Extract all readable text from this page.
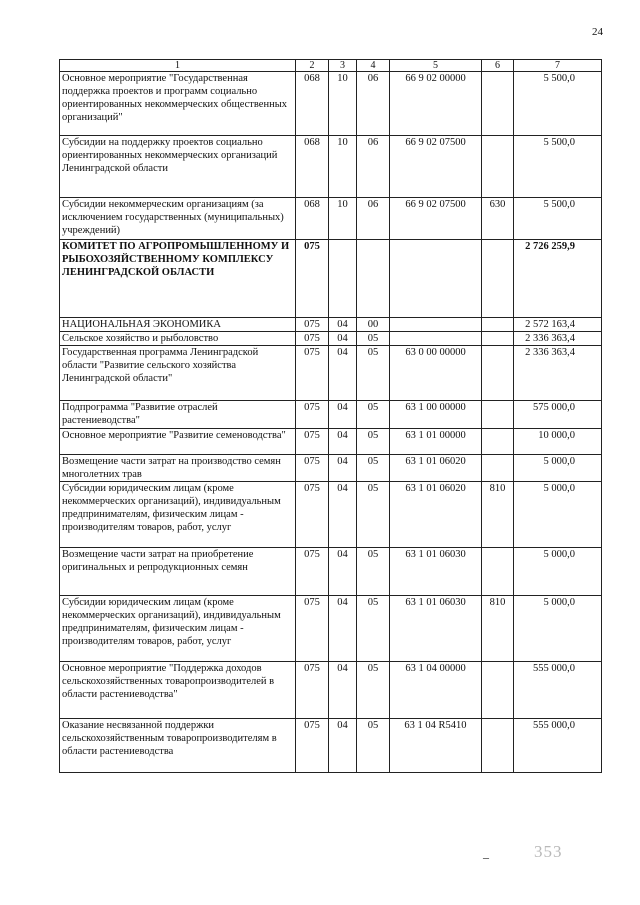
24
1	2	3	4	5	6	7
Основное мероприятие "Государственная поддержка проектов и программ социально ориентированных некоммерческих общественных организаций"	068	10	06	66 9 02 00000		5 500,0
Субсидии на поддержку проектов социально ориентированных некоммерческих организаций Ленинградской области	068	10	06	66 9 02 07500		5 500,0
Субсидии некоммерческим организациям (за исключением государственных (муниципальных) учреждений)	068	10	06	66 9 02 07500	630	5 500,0
КОМИТЕТ ПО АГРОПРОМЫШЛЕННОМУ И РЫБОХОЗЯЙСТВЕННОМУ КОМПЛЕКСУ ЛЕНИНГРАДСКОЙ ОБЛАСТИ	075					2 726 259,9
НАЦИОНАЛЬНАЯ ЭКОНОМИКА	075	04	00			2 572 163,4
Сельское хозяйство и рыболовство	075	04	05			2 336 363,4
Государственная программа Ленинградской области "Развитие сельского хозяйства Ленинградской области"	075	04	05	63 0 00 00000		2 336 363,4
Подпрограмма "Развитие отраслей растениеводства"	075	04	05	63 1 00 00000		575 000,0
Основное мероприятие "Развитие семеноводства"	075	04	05	63 1 01 00000		10 000,0
Возмещение части затрат на производство семян многолетних трав	075	04	05	63 1 01 06020		5 000,0
Субсидии юридическим лицам (кроме некоммерческих организаций), индивидуальным предпринимателям, физическим лицам - производителям товаров, работ, услуг	075	04	05	63 1 01 06020	810	5 000,0
Возмещение части затрат на приобретение оригинальных и репродукционных семян	075	04	05	63 1 01 06030		5 000,0
Субсидии юридическим лицам (кроме некоммерческих организаций), индивидуальным предпринимателям, физическим лицам - производителям товаров, работ, услуг	075	04	05	63 1 01 06030	810	5 000,0
Основное мероприятие "Поддержка доходов сельскохозяйственных товаропроизводителей в области растениеводства"	075	04	05	63 1 04 00000		555 000,0
Оказание несвязанной поддержки сельскохозяйственным товаропроизводителям в области растениеводства	075	04	05	63 1 04 R5410		555 000,0
–	353
